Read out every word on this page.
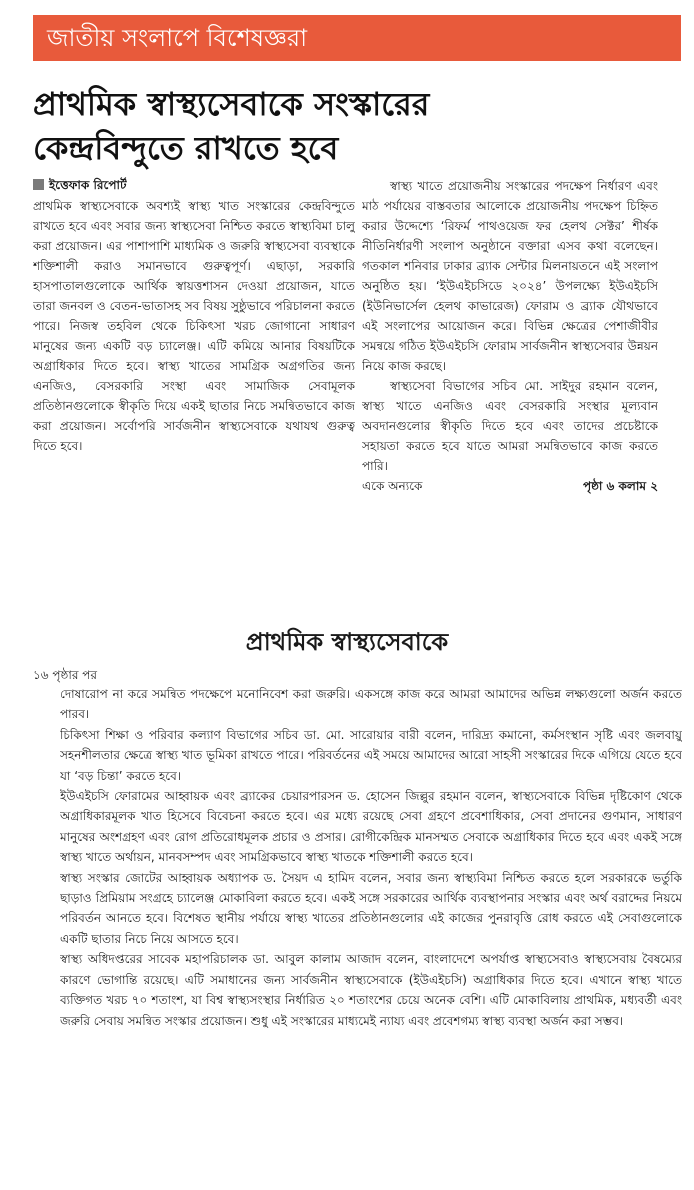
জাতীয় সংলাপে বিশেষজ্ঞরা
প্রাথমিক স্বাস্থ্যসেবাকে সংস্কারের
কেন্দ্রবিন্দুতে রাখতে হবে
ইত্তেফাক রিপোর্ট

প্রাথমিক স্বাস্থ্যসেবাকে অবশ্যই স্বাস্থ্য খাত সংস্কারের কেন্দ্রবিন্দুতে রাখতে হবে এবং সবার জন্য স্বাস্থ্যসেবা নিশ্চিত করতে স্বাস্থ্যবিমা চালু করা প্রয়োজন। এর পাশাপাশি মাধ্যমিক ও জরুরি স্বাস্থ্যসেবা ব্যবস্থাকে শক্তিশালী করাও সমানভাবে গুরুত্বপূর্ণ। এছাড়া, সরকারি হাসপাতালগুলোকে আর্থিক স্বায়ত্তশাসন দেওয়া প্রয়োজন, যাতে তারা জনবল ও বেতন-ভাতাসহ সব বিষয় সুষ্ঠুভাবে পরিচালনা করতে পারে। নিজস্ব তহবিল থেকে চিকিৎসা খরচ জোগানো সাধারণ মানুষের জন্য একটি বড় চ্যালেঞ্জ। এটি কমিয়ে আনার বিষয়টিকে অগ্রাধিকার দিতে হবে। স্বাস্থ্য খাতের সামগ্রিক অগ্রগতির জন্য এনজিও, বেসরকারি সংস্থা এবং সামাজিক সেবামূলক প্রতিষ্ঠানগুলোকে স্বীকৃতি দিয়ে একই ছাতার নিচে সমন্বিতভাবে কাজ করা প্রয়োজন। সর্বোপরি সার্বজনীন স্বাস্থ্যসেবাকে যথাযথ গুরুত্ব দিতে হবে।

স্বাস্থ্য খাতে প্রয়োজনীয় সংস্কারের পদক্ষেপ নির্ধারণ এবং মাঠ পর্যায়ের বাস্তবতার আলোকে প্রয়োজনীয় পদক্ষেপ চিহ্নিত করার উদ্দেশ্যে ‘রিফর্ম পাথওয়েজ ফর হেলথ সেক্টর’ শীর্ষক নীতিনির্ধারণী সংলাপ অনুষ্ঠানে বক্তারা এসব কথা বলেছেন। গতকাল শনিবার ঢাকার ব্র্যাক সেন্টার মিলনায়তনে এই সংলাপ অনুষ্ঠিত হয়। ‘ইউএইচসিডে ২০২৪’ উপলক্ষ্যে ইউএইচসি (ইউনিভার্সেল হেলথ কাভারেজ) ফোরাম ও ব্র্যাক যৌথভাবে এই সংলাপের আয়োজন করে। বিভিন্ন ক্ষেত্রের পেশাজীবীর সমন্বয়ে গঠিত ইউএইচসি ফোরাম সার্বজনীন স্বাস্থ্যসেবার উন্নয়ন নিয়ে কাজ করছে।

স্বাস্থ্যসেবা বিভাগের সচিব মো. সাইদুর রহমান বলেন, স্বাস্থ্য খাতে এনজিও এবং বেসরকারি সংস্থার মূল্যবান অবদানগুলোর স্বীকৃতি দিতে হবে এবং তাদের প্রচেষ্টাকে সহায়তা করতে হবে যাতে আমরা সমন্বিতভাবে কাজ করতে পারি।

একে অন্যকে	পৃষ্ঠা ৬ কলাম ২
প্রাথমিক স্বাস্থ্যসেবাকে
১৬ পৃষ্ঠার পর

দোষারোপ না করে সমন্বিত পদক্ষেপে মনোনিবেশ করা জরুরি। একসঙ্গে কাজ করে আমরা আমাদের অভিন্ন লক্ষ্যগুলো অর্জন করতে পারব।

চিকিৎসা শিক্ষা ও পরিবার কল্যাণ বিভাগের সচিব ডা. মো. সারোয়ার বারী বলেন, দারিদ্র্য কমানো, কর্মসংস্থান সৃষ্টি এবং জলবায়ু সহনশীলতার ক্ষেত্রে স্বাস্থ্য খাত ভূমিকা রাখতে পারে। পরিবর্তনের এই সময়ে আমাদের আরো সাহসী সংস্কারের দিকে এগিয়ে যেতে হবে যা ‘বড় চিন্তা’ করতে হবে।

ইউএইচসি ফোরামের আহ্বায়ক এবং ব্র্যাকের চেয়ারপারসন ড. হোসেন জিল্লুর রহমান বলেন, স্বাস্থ্যসেবাকে বিভিন্ন দৃষ্টিকোণ থেকে অগ্রাধিকারমূলক খাত হিসেবে বিবেচনা করতে হবে। এর মধ্যে রয়েছে সেবা গ্রহণে প্রবেশাধিকার, সেবা প্রদানের গুণমান, সাধারণ মানুষের অংশগ্রহণ এবং রোগ প্রতিরোধমূলক প্রচার ও প্রসার। রোগীকেন্দ্রিক মানসম্মত সেবাকে অগ্রাধিকার দিতে হবে এবং একই সঙ্গে স্বাস্থ্য খাতে অর্থায়ন, মানবসম্পদ এবং সামগ্রিকভাবে স্বাস্থ্য খাতকে শক্তিশালী করতে হবে।

স্বাস্থ্য সংস্কার জোটের আহ্বায়ক অধ্যাপক ড. সৈয়দ এ হামিদ বলেন, সবার জন্য স্বাস্থ্যবিমা নিশ্চিত করতে হলে সরকারকে ভর্তুকি ছাড়াও প্রিমিয়াম সংগ্রহে চ্যালেঞ্জ মোকাবিলা করতে হবে। একই সঙ্গে সরকারের আর্থিক ব্যবস্থাপনার সংস্কার এবং অর্থ বরাদ্দের নিয়মে পরিবর্তন আনতে হবে। বিশেষত স্থানীয় পর্যায়ে স্বাস্থ্য খাতের প্রতিষ্ঠানগুলোর এই কাজের পুনরাবৃত্তি রোধ করতে এই সেবাগুলোকে একটি ছাতার নিচে নিয়ে আসতে হবে।

স্বাস্থ্য অধিদপ্তরের সাবেক মহাপরিচালক ডা. আবুল কালাম আজাদ বলেন, বাংলাদেশে অপর্যাপ্ত স্বাস্থ্যসেবাও স্বাস্থ্যসেবায় বৈষম্যের কারণে ভোগান্তি রয়েছে। এটি সমাধানের জন্য সার্বজনীন স্বাস্থ্যসেবাকে (ইউএইচসি) অগ্রাধিকার দিতে হবে। এখানে স্বাস্থ্য খাতে ব্যক্তিগত খরচ ৭০ শতাংশ, যা বিশ্ব স্বাস্থ্যসংস্থার নির্ধারিত ২০ শতাংশের চেয়ে অনেক বেশি। এটি মোকাবিলায় প্রাথমিক, মধ্যবর্তী এবং জরুরি সেবায় সমন্বিত সংস্কার প্রয়োজন। শুধু এই সংস্কারের মাধ্যমেই ন্যায্য এবং প্রবেশগম্য স্বাস্থ্য ব্যবস্থা অর্জন করা সম্ভব।
